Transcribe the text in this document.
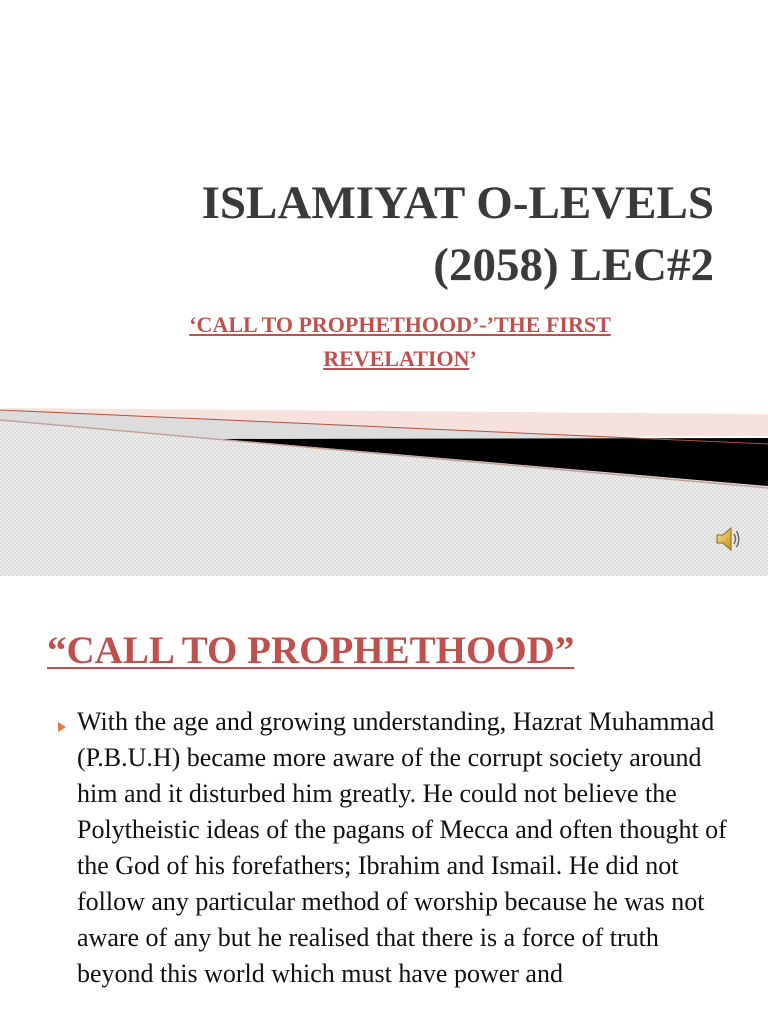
ISLAMIYAT O-LEVELS
(2058) LEC#2
‘CALL TO PROPHETHOOD’-’THE FIRST
REVELATION’
“CALL TO PROPHETHOOD”

With the age and growing understanding, Hazrat Muhammad (P.B.U.H) became more aware of the corrupt society around him and it disturbed him greatly. He could not believe the Polytheistic ideas of the pagans of Mecca and often thought of the God of his forefathers; Ibrahim and Ismail. He did not follow any particular method of worship because he was not aware of any but he realised that there is a force of truth beyond this world which must have power and
